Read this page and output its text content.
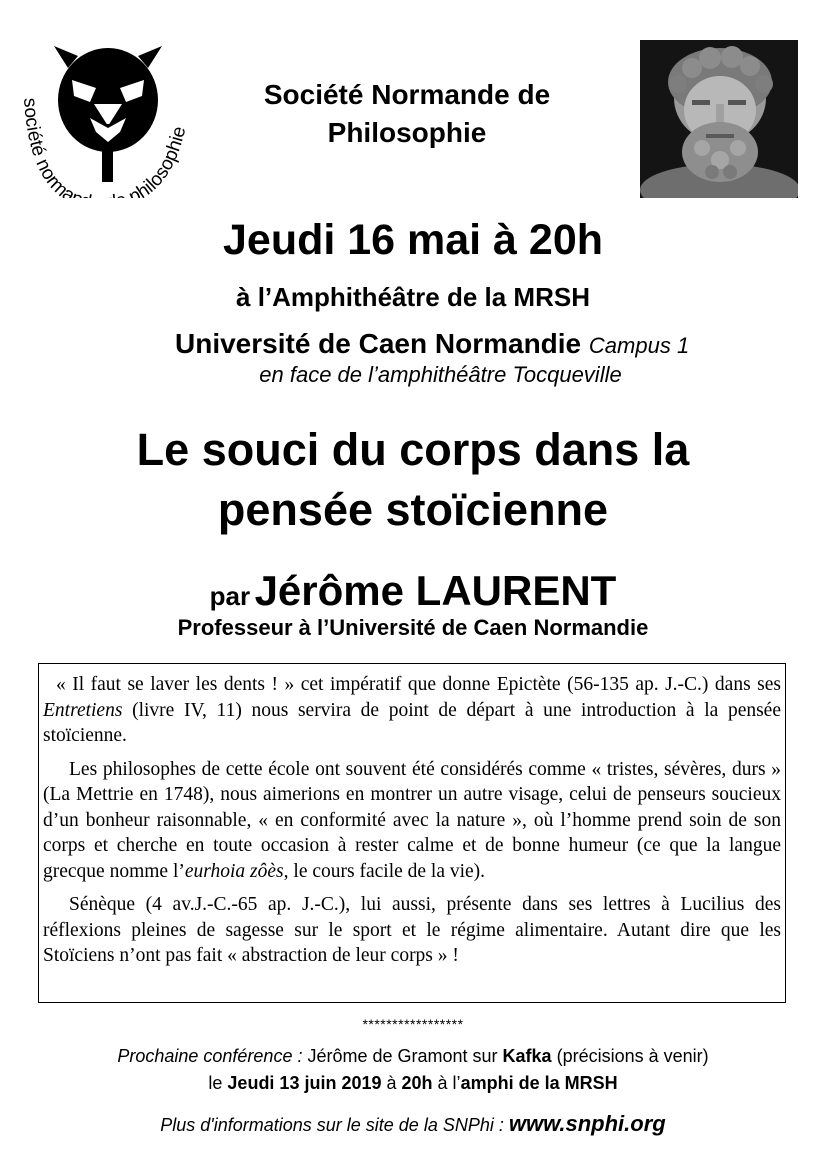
société norma philosophie
Société Normande de
Philosophie
Jeudi 16 mai à 20h
à l’Amphithéâtre de la MRSH
Université de Caen Normandie Campus 1
en face de l’amphithéâtre Tocqueville
Le souci du corps dans la
pensée stoïcienne
par Jérôme LAURENT
Professeur à l’Université de Caen Normandie

« Il faut se laver les dents ! » cet impératif que donne Epictète (56-135 ap. J.-C.) dans ses Entretiens (livre IV, 11) nous servira de point de départ à une introduction à la pensée stoïcienne.

Les philosophes de cette école ont souvent été considérés comme « tristes, sévères, durs » (La Mettrie en 1748), nous aimerions en montrer un autre visage, celui de penseurs soucieux d’un bonheur raisonnable, « en conformité avec la nature », où l’homme prend soin de son corps et cherche en toute occasion à rester calme et de bonne humeur (ce que la langue grecque nomme l’eurhoia zôès, le cours facile de la vie).

Sénèque (4 av.J.-C.-65 ap. J.-C.), lui aussi, présente dans ses lettres à Lucilius des réflexions pleines de sagesse sur le sport et le régime alimentaire. Autant dire que les Stoïciens n’ont pas fait « abstraction de leur corps » !

*****************
Prochaine conférence : Jérôme de Gramont sur Kafka (précisions à venir)
le Jeudi 13 juin 2019 à 20h à l’amphi de la MRSH
Plus d'informations sur le site de la SNPhi : www.snphi.org
